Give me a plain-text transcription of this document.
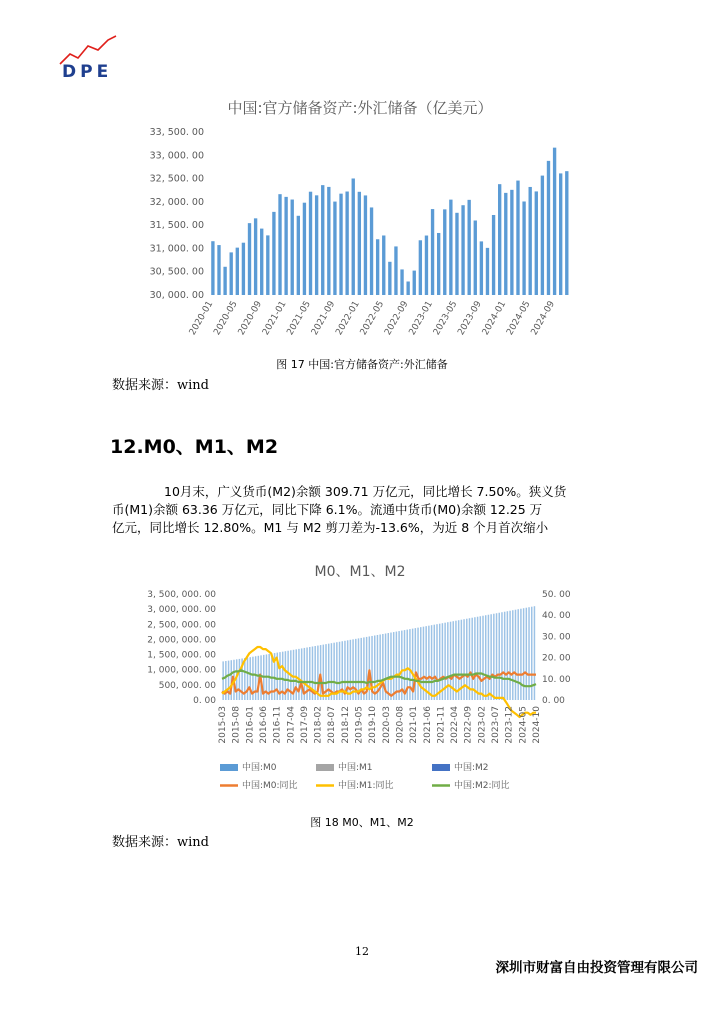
DPE
中国:官方储备资产:外汇储备（亿美元）
30, 000. 00
30, 500. 00
31, 000. 00
31, 500. 00
32, 000. 00
32, 500. 00
33, 000. 00
33, 500. 00
2020-01
2020-05
2020-09
2021-01
2021-05
2021-09
2022-01
2022-05
2022-09
2023-01
2023-05
2023-09
2024-01
2024-05
2024-09
图 17 中国:官方储备资产:外汇储备
数据来源：wind
12.M0、M1、M2
10月末，广义货币(M2)余额 309.71 万亿元，同比增长 7.50%。狭义货
币(M1)余额 63.36 万亿元，同比下降 6.1%。流通中货币(M0)余额 12.25 万
亿元，同比增长 12.80%。M1 与 M2 剪刀差为-13.6%，为近 8 个月首次缩小
M0、M1、M2
0. 00
500, 000. 00
1, 000, 000. 00
1, 500, 000. 00
2, 000, 000. 00
2, 500, 000. 00
3, 000, 000. 00
3, 500, 000. 00
0. 00
10. 00
20. 00
30. 00
40. 00
50. 00
2015-03 2015-08 2016-01 2016-06 2016-11 2017-04 2017-09 2018-02 2018-07 2018-12 2019-05 2019-10 2020-03 2020-08 2021-01 2021-06 2021-11 2022-04 2022-09 2023-02 2023-07 2023-12 2024-05 2024-10
中国:M0	中国:M1	中国:M2
中国:M0:同比	中国:M1:同比	中国:M2:同比
图 18 M0、M1、M2
数据来源：wind
12
深圳市财富自由投资管理有限公司
